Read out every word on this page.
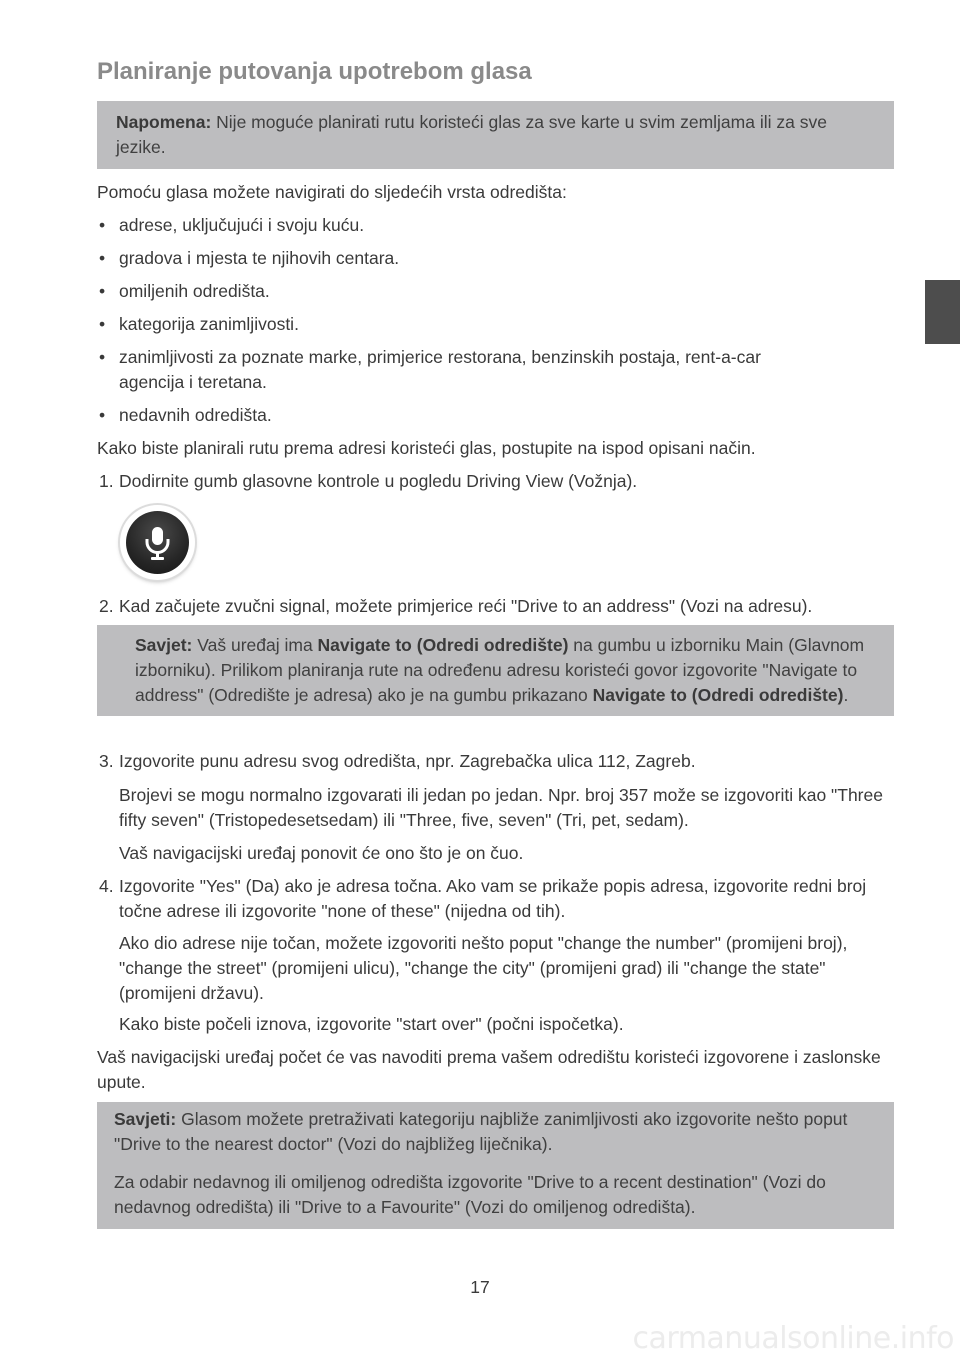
Planiranje putovanja upotrebom glasa

Napomena: Nije moguće planirati rutu koristeći glas za sve karte u svim zemljama ili za sve jezike.

Pomoću glasa možete navigirati do sljedećih vrsta odredišta:

• adrese, uključujući i svoju kuću.

• gradova i mjesta te njihovih centara.

• omiljenih odredišta.

• kategorija zanimljivosti.

• zanimljivosti za poznate marke, primjerice restorana, benzinskih postaja, rent-a-car agencija i teretana.

• nedavnih odredišta.

Kako biste planirali rutu prema adresi koristeći glas, postupite na ispod opisani način.

1. Dodirnite gumb glasovne kontrole u pogledu Driving View (Vožnja).

2. Kad začujete zvučni signal, možete primjerice reći "Drive to an address" (Vozi na adresu).

Savjet: Vaš uređaj ima Navigate to (Odredi odredište) na gumbu u izborniku Main (Glavnom izborniku). Prilikom planiranja rute na određenu adresu koristeći govor izgovorite "Navigate to address" (Odredište je adresa) ako je na gumbu prikazano Navigate to (Odredi odredište).

3. Izgovorite punu adresu svog odredišta, npr. Zagrebačka ulica 112, Zagreb.

Brojevi se mogu normalno izgovarati ili jedan po jedan. Npr. broj 357 može se izgovoriti kao "Three fifty seven" (Tristopedesetsedam) ili "Three, five, seven" (Tri, pet, sedam).

Vaš navigacijski uređaj ponovit će ono što je on čuo.

4. Izgovorite "Yes" (Da) ako je adresa točna. Ako vam se prikaže popis adresa, izgovorite redni broj točne adrese ili izgovorite "none of these" (nijedna od tih).

Ako dio adrese nije točan, možete izgovoriti nešto poput "change the number" (promijeni broj), "change the street" (promijeni ulicu), "change the city" (promijeni grad) ili "change the state" (promijeni državu).

Kako biste počeli iznova, izgovorite "start over" (počni ispočetka).

Vaš navigacijski uređaj počet će vas navoditi prema vašem odredištu koristeći izgovorene i zaslonske upute.

Savjeti: Glasom možete pretraživati kategoriju najbliže zanimljivosti ako izgovorite nešto poput "Drive to the nearest doctor" (Vozi do najbližeg liječnika).

Za odabir nedavnog ili omiljenog odredišta izgovorite "Drive to a recent destination" (Vozi do nedavnog odredišta) ili "Drive to a Favourite" (Vozi do omiljenog odredišta).

17
carmanualsonline.info
